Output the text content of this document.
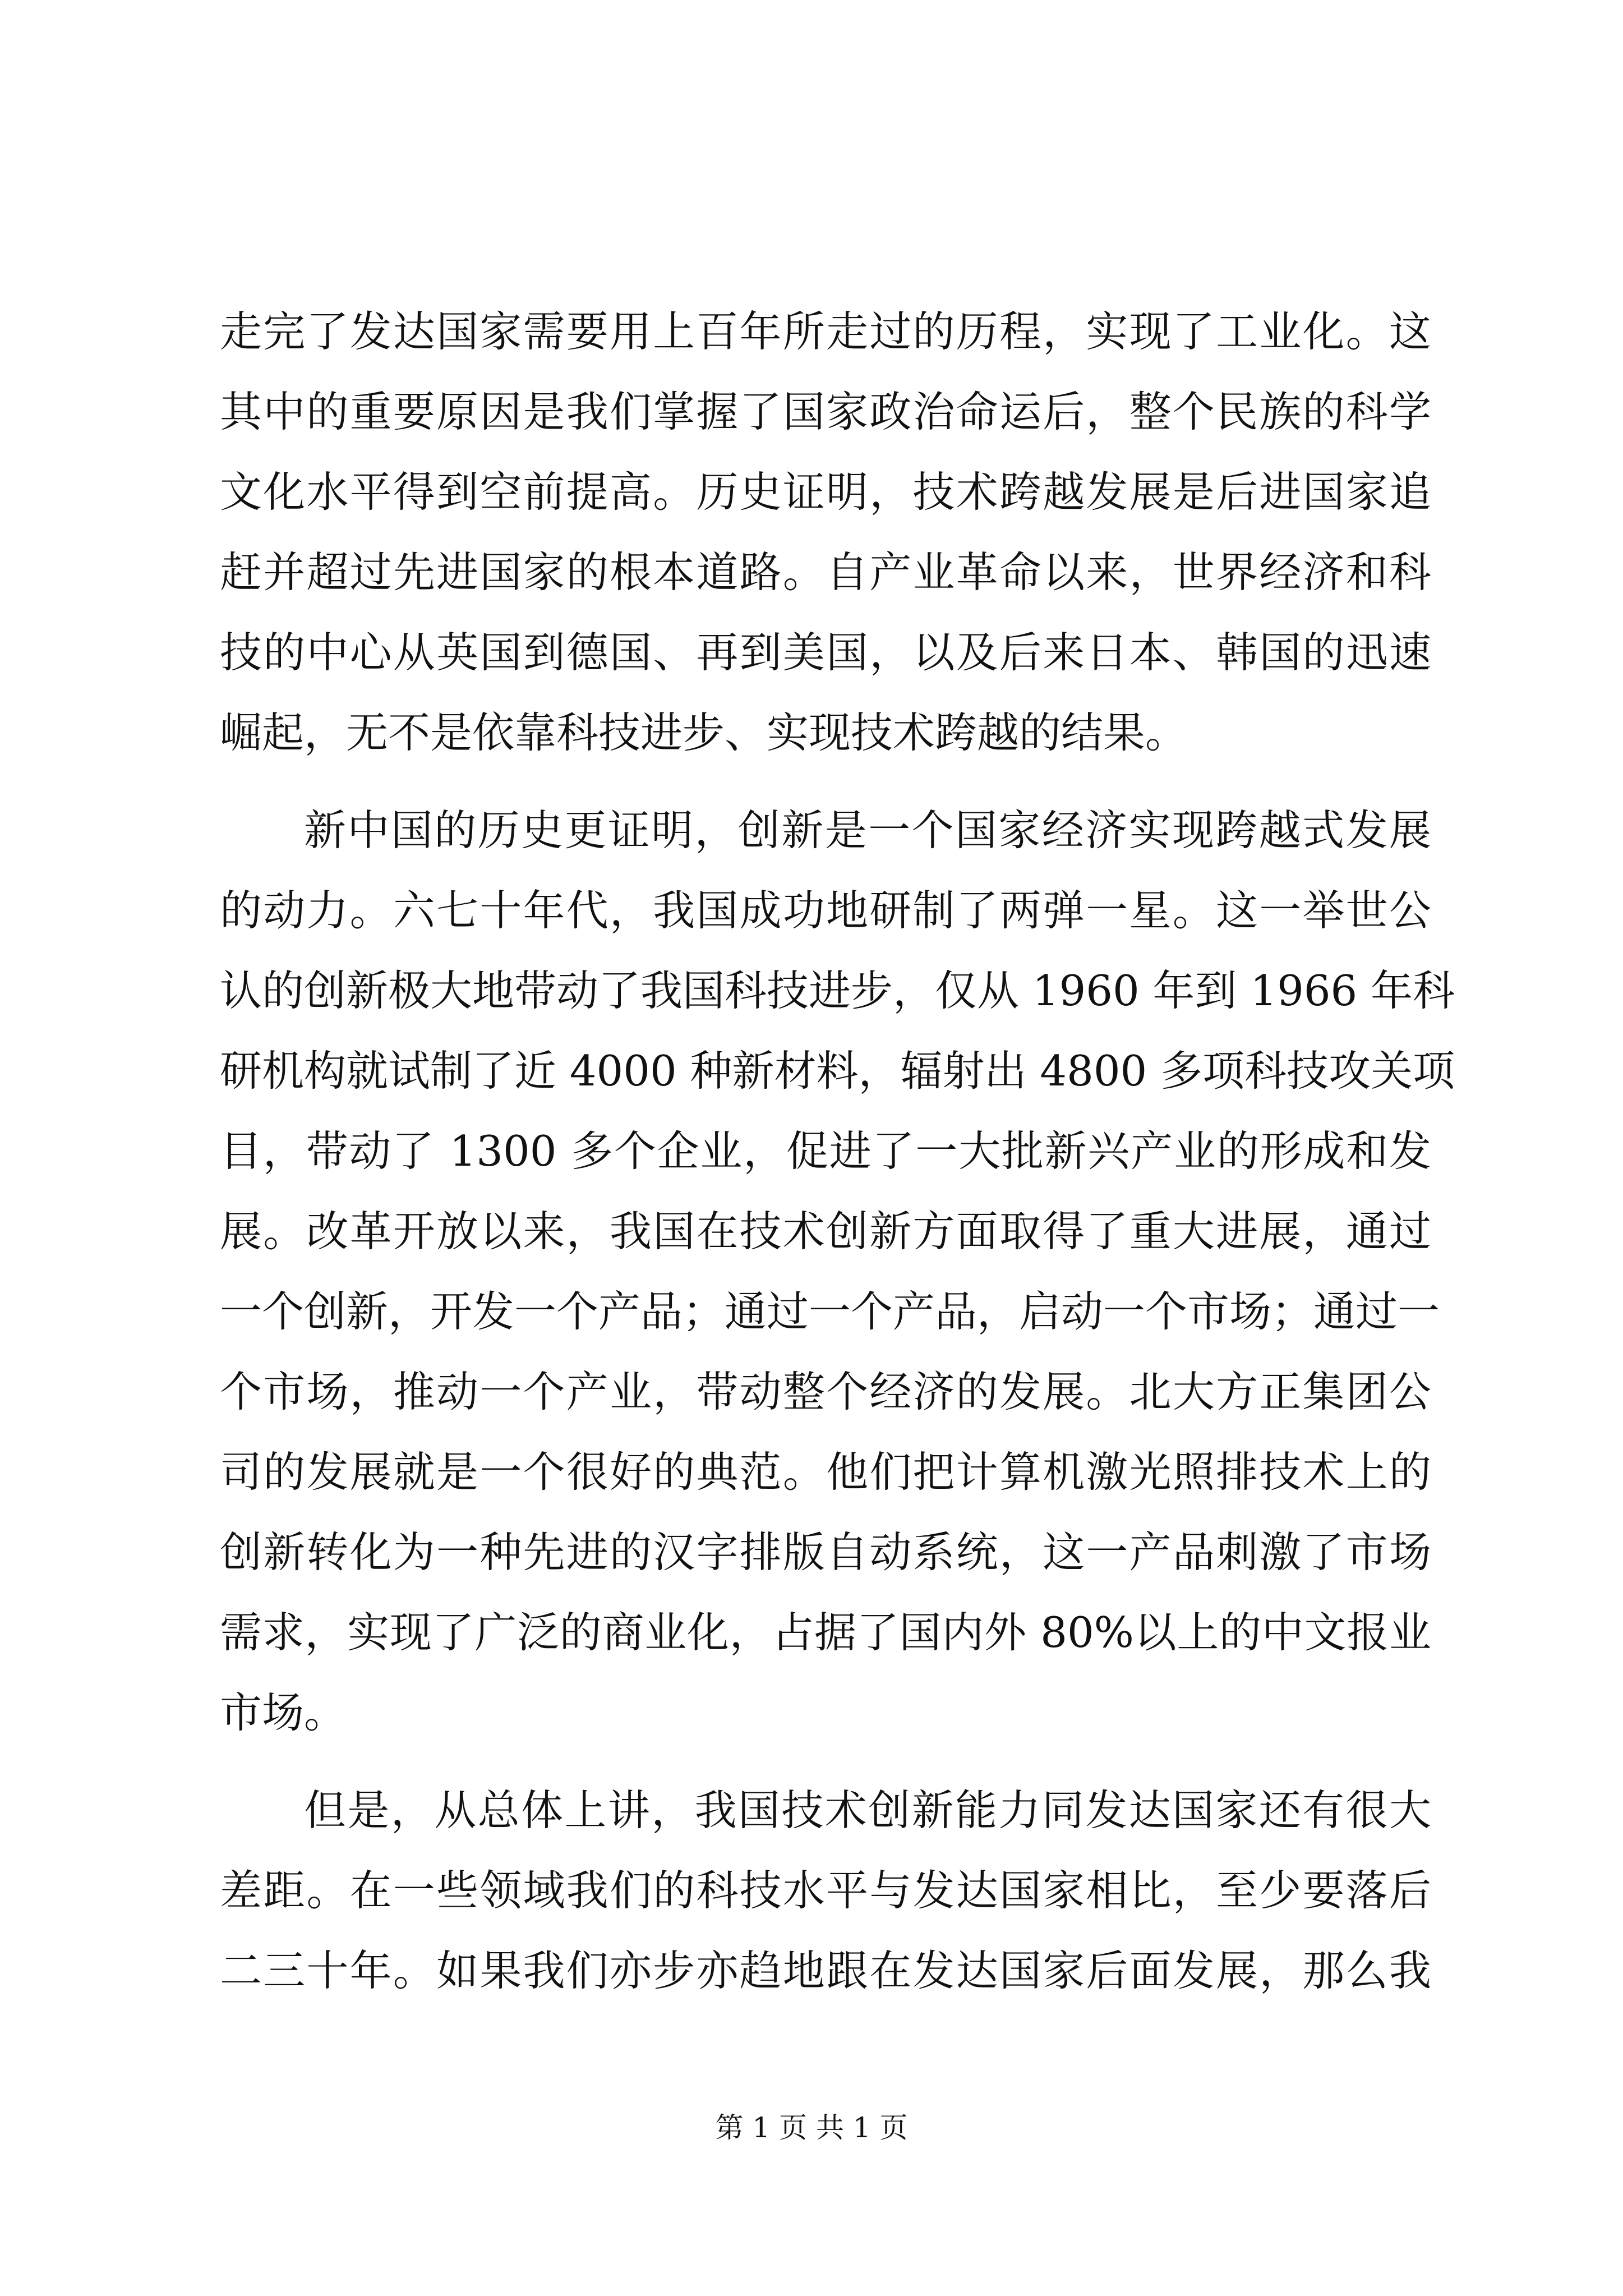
走完了发达国家需要用上百年所走过的历程，实现了工业化。这
其中的重要原因是我们掌握了国家政治命运后，整个民族的科学
文化水平得到空前提高。历史证明，技术跨越发展是后进国家追
赶并超过先进国家的根本道路。自产业革命以来，世界经济和科
技的中心从英国到德国、再到美国，以及后来日本、韩国的迅速
崛起，无不是依靠科技进步、实现技术跨越的结果。
新中国的历史更证明，创新是一个国家经济实现跨越式发展
的动力。六七十年代，我国成功地研制了两弹一星。这一举世公
认的创新极大地带动了我国科技进步，仅从 1960 年到 1966 年科
研机构就试制了近 4000 种新材料，辐射出 4800 多项科技攻关项
目，带动了 1300 多个企业，促进了一大批新兴产业的形成和发
展。改革开放以来，我国在技术创新方面取得了重大进展，通过
一个创新，开发一个产品；通过一个产品，启动一个市场；通过一
个市场，推动一个产业，带动整个经济的发展。北大方正集团公
司的发展就是一个很好的典范。他们把计算机激光照排技术上的
创新转化为一种先进的汉字排版自动系统，这一产品刺激了市场
需求，实现了广泛的商业化，占据了国内外 80%以上的中文报业
市场。
但是，从总体上讲，我国技术创新能力同发达国家还有很大
差距。在一些领域我们的科技水平与发达国家相比，至少要落后
二三十年。如果我们亦步亦趋地跟在发达国家后面发展，那么我
第 1 页 共 1 页
